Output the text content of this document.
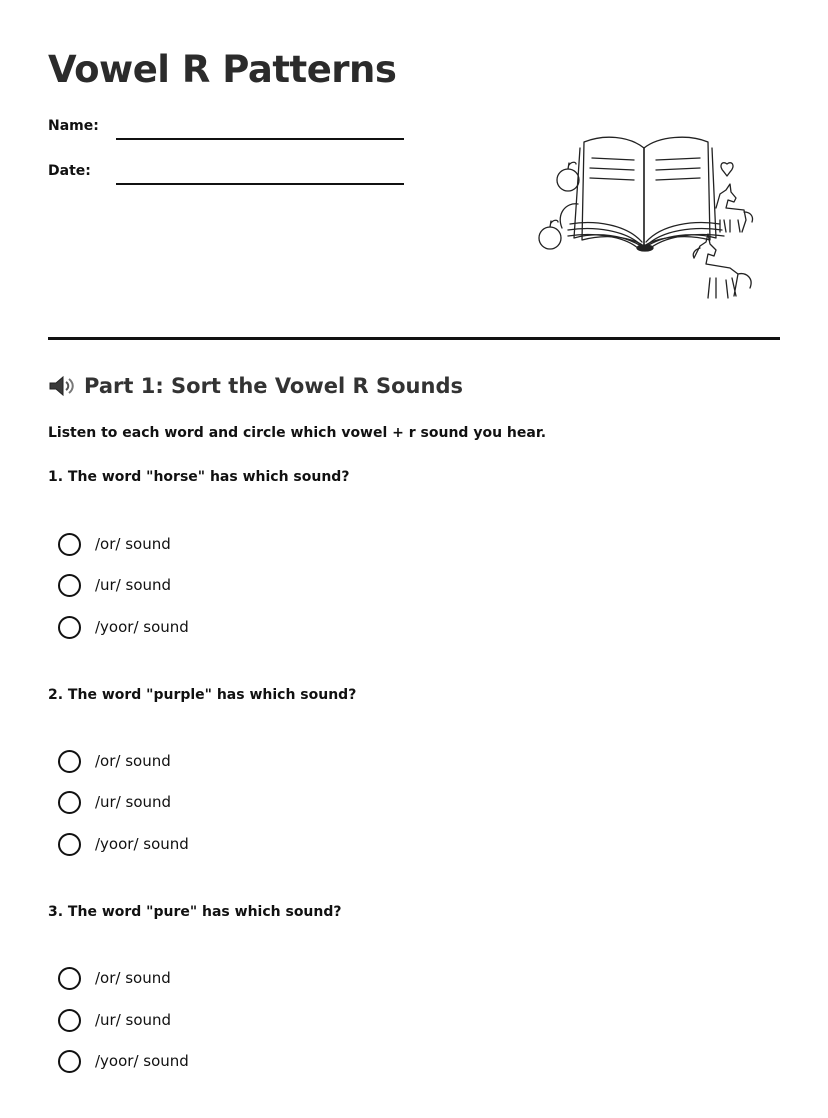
Vowel R Patterns
Name:
Date:
Part 1: Sort the Vowel R Sounds

Listen to each word and circle which vowel + r sound you hear.

1. The word "horse" has which sound?

/or/ sound
/ur/ sound
/yoor/ sound

2. The word "purple" has which sound?

/or/ sound
/ur/ sound
/yoor/ sound

3. The word "pure" has which sound?

/or/ sound
/ur/ sound
/yoor/ sound
